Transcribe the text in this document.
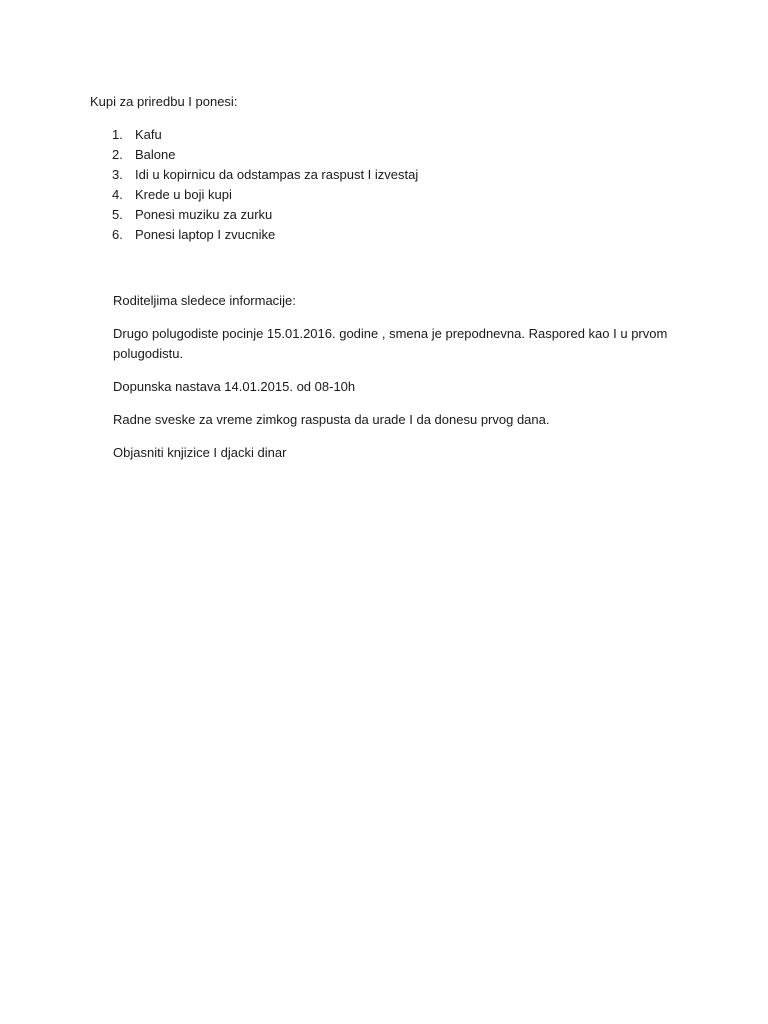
Kupi za priredbu I ponesi:

1. Kafu
2. Balone
3. Idi u kopirnicu da odstampas za raspust I izvestaj
4. Krede u boji kupi
5. Ponesi muziku za zurku
6. Ponesi laptop I zvucnike

Roditeljima sledece informacije:

Drugo polugodiste pocinje 15.01.2016. godine , smena je prepodnevna. Raspored kao I u prvom polugodistu.

Dopunska nastava 14.01.2015. od 08-10h

Radne sveske za vreme zimkog raspusta da urade I da donesu prvog dana.

Objasniti knjizice I djacki dinar
